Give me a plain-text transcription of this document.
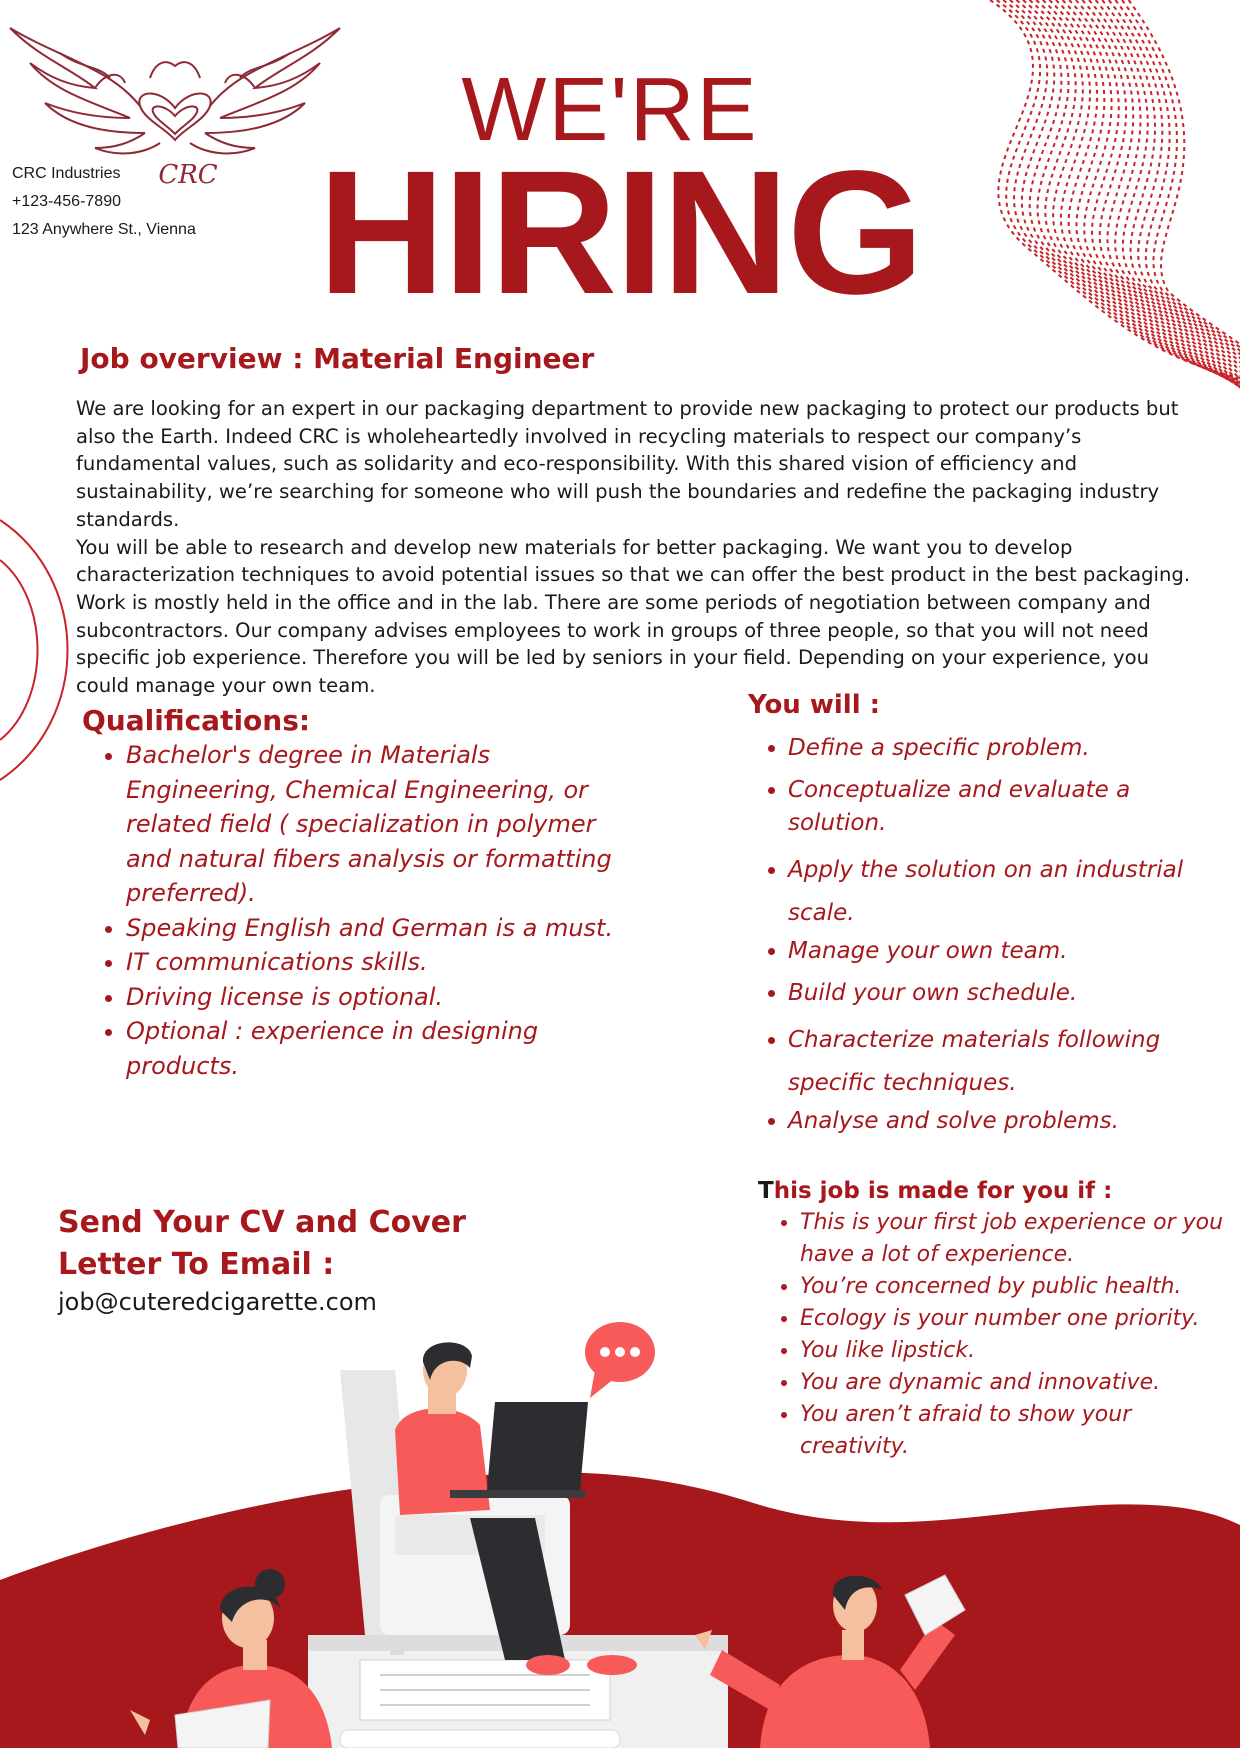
CRC
CRC Industries
+123-456-7890
123 Anywhere St., Vienna
WE'RE
HIRING
Job overview : Material Engineer
We are looking for an expert in our packaging department to provide new packaging to protect our products but also the Earth. Indeed CRC is wholeheartedly involved in recycling materials to respect our company’s fundamental values, such as solidarity and eco-responsibility. With this shared vision of efficiency and sustainability, we’re searching for someone who will push the boundaries and redefine the packaging industry standards.
You will be able to research and develop new materials for better packaging. We want you to develop characterization techniques to avoid potential issues so that we can offer the best product in the best packaging. Work is mostly held in the office and in the lab. There are some periods of negotiation between company and subcontractors. Our company advises employees to work in groups of three people, so that you will not need specific job experience. Therefore you will be led by seniors in your field. Depending on your experience, you could manage your own team.
Qualifications:
• Bachelor's degree in Materials Engineering, Chemical Engineering, or related field ( specialization in polymer and natural fibers analysis or formatting preferred).
• Speaking English and German is a must.
• IT communications skills.
• Driving license is optional.
• Optional : experience in designing products.
You will :
• Define a specific problem.
• Conceptualize and evaluate a solution.
• Apply the solution on an industrial scale.
• Manage your own team.
• Build your own schedule.
• Characterize materials following specific techniques.
• Analyse and solve problems.
This job is made for you if :
• This is your first job experience or you have a lot of experience.
• You’re concerned by public health.
• Ecology is your number one priority.
• You like lipstick.
• You are dynamic and innovative.
• You aren’t afraid to show your creativity.
Send Your CV and Cover Letter To Email :
job@cuteredcigarette.com
